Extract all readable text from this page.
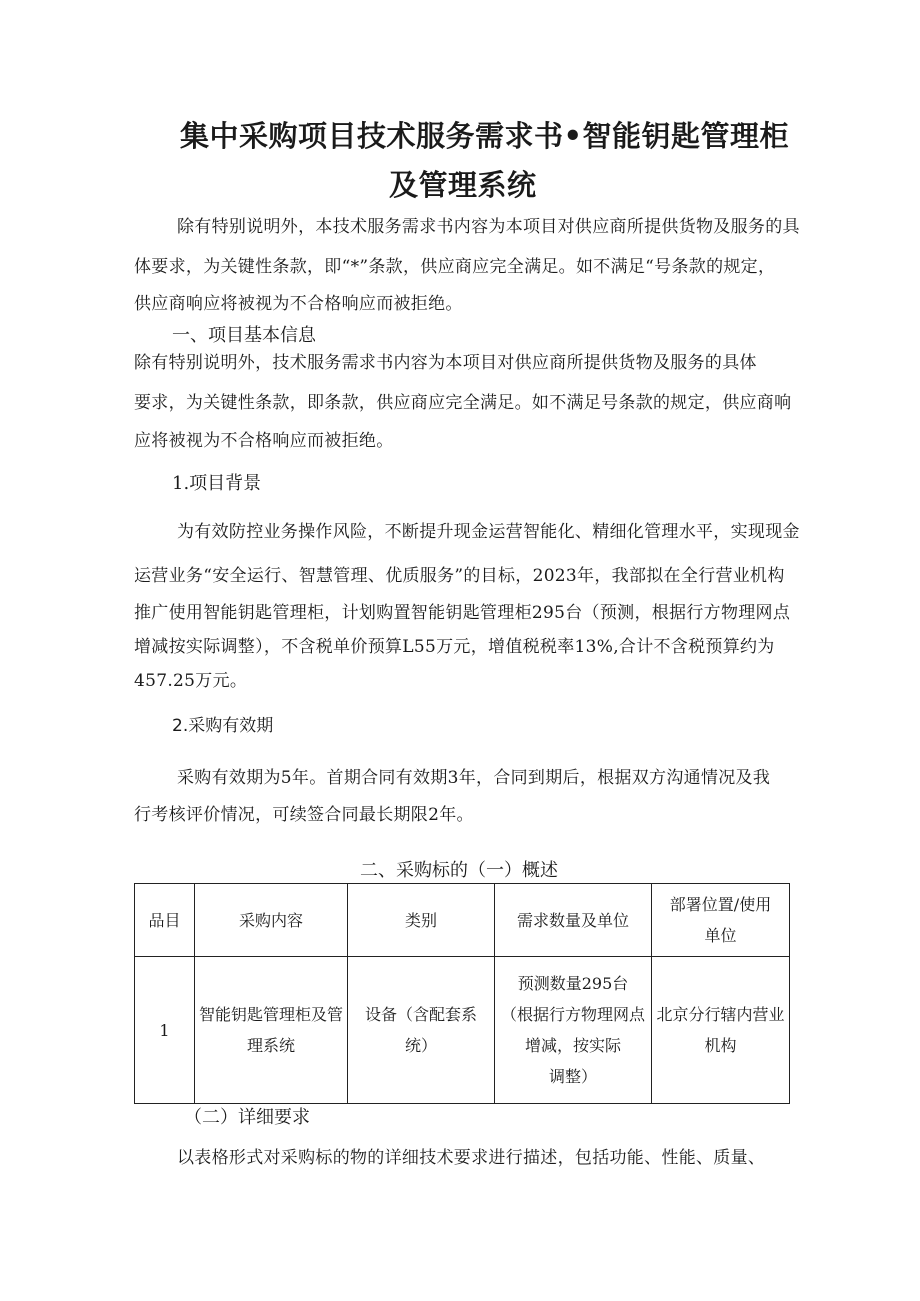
集中采购项目技术服务需求书•智能钥匙管理柜
及管理系统
除有特别说明外，本技术服务需求书内容为本项目对供应商所提供货物及服务的具
体要求，为关键性条款，即“*”条款，供应商应完全满足。如不满足“号条款的规定，
供应商响应将被视为不合格响应而被拒绝。
一、项目基本信息
除有特别说明外，技术服务需求书内容为本项目对供应商所提供货物及服务的具体
要求，为关键性条款，即条款，供应商应完全满足。如不满足号条款的规定，供应商响
应将被视为不合格响应而被拒绝。
1.项目背景
为有效防控业务操作风险，不断提升现金运营智能化、精细化管理水平，实现现金
运营业务“安全运行、智慧管理、优质服务”的目标，2023年，我部拟在全行营业机构
推广使用智能钥匙管理柜，计划购置智能钥匙管理柜295台（预测，根据行方物理网点
增减按实际调整），不含税单价预算L55万元，增值税税率13%,合计不含税预算约为
457.25万元。
2.采购有效期
采购有效期为5年。首期合同有效期3年，合同到期后，根据双方沟通情况及我
行考核评价情况，可续签合同最长期限2年。
二、采购标的（一）概述
品目	采购内容	类别	需求数量及单位	部署位置/使用
单位

1	智能钥匙管理柜及管
理系统	设备（含配套系
统）	预测数量295台
（根据行方物理网点
增减，按实际
调整）	北京分行辖内营业
机构
（二）详细要求
以表格形式对采购标的物的详细技术要求进行描述，包括功能、性能、质量、
